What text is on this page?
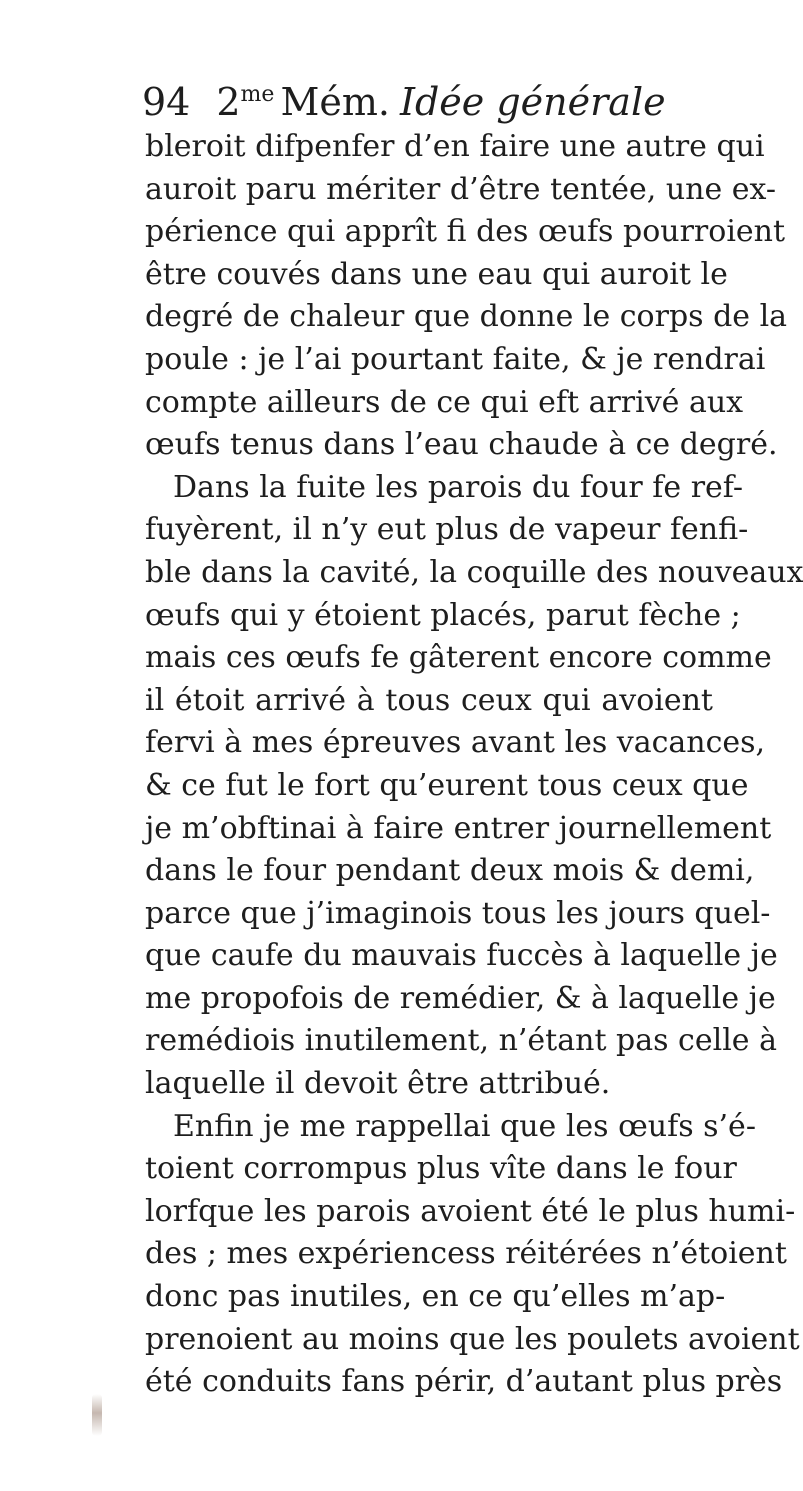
94 $2^{me}$ Mém. Idée générale
bleroit difpenfer d’en faire une autre qui
auroit paru mériter d’être tentée, une ex-
périence qui apprît fi des œufs pourroient
être couvés dans une eau qui auroit le
degré de chaleur que donne le corps de la
poule : je l’ai pourtant faite, & je rendrai
compte ailleurs de ce qui eft arrivé aux
œufs tenus dans l’eau chaude à ce degré.
Dans la fuite les parois du four fe ref-
fuyèrent, il n’y eut plus de vapeur fenfi-
ble dans la cavité, la coquille des nouveaux
œufs qui y étoient placés, parut fèche ;
mais ces œufs fe gâterent encore comme
il étoit arrivé à tous ceux qui avoient
fervi à mes épreuves avant les vacances,
& ce fut le fort qu’eurent tous ceux que
je m’obftinai à faire entrer journellement
dans le four pendant deux mois & demi,
parce que j’imaginois tous les jours quel-
que caufe du mauvais fuccès à laquelle je
me propofois de remédier, & à laquelle je
remédiois inutilement, n’étant pas celle à
laquelle il devoit être attribué.
Enfin je me rappellai que les œufs s’é-
toient corrompus plus vîte dans le four
lorfque les parois avoient été le plus humi-
des ; mes expériencess réitérées n’étoient
donc pas inutiles, en ce qu’elles m’ap-
prenoient au moins que les poulets avoient
été conduits fans périr, d’autant plus près
